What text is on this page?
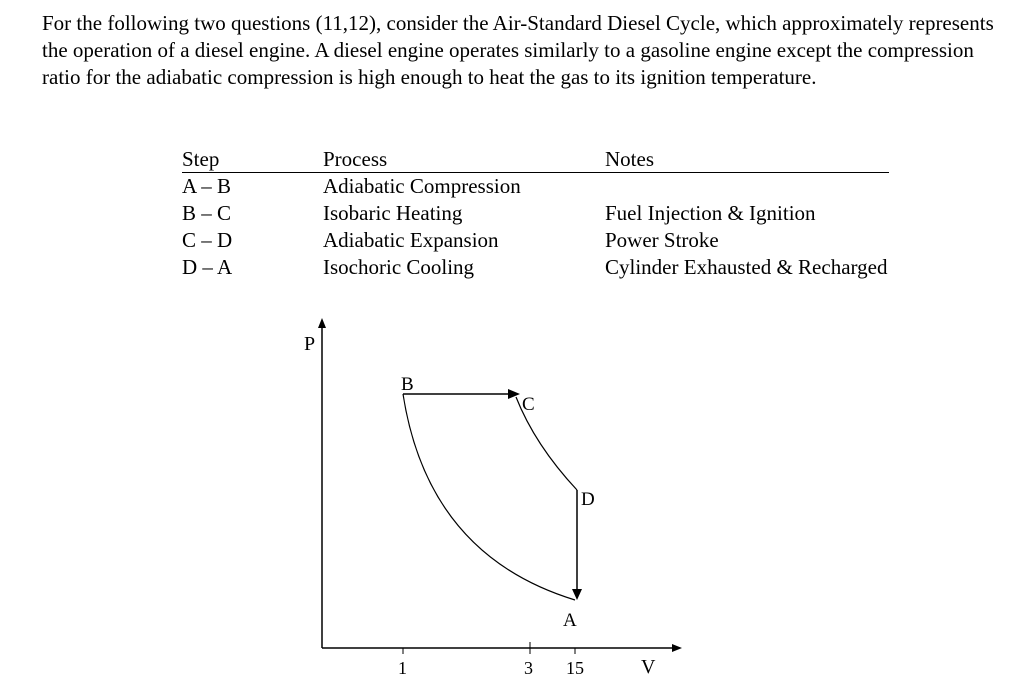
For the following two questions (11,12), consider the Air-Standard Diesel Cycle, which approximately represents the operation of a diesel engine. A diesel engine operates similarly to a gasoline engine except the compression ratio for the adiabatic compression is high enough to heat the gas to its ignition temperature.

Step	Process	Notes
A – B	Adiabatic Compression
B – C	Isobaric Heating	Fuel Injection & Ignition
C – D	Adiabatic Expansion	Power Stroke
D – A	Isochoric Cooling	Cylinder Exhausted & Recharged
P
V
1	3 15
B
C
D
A
